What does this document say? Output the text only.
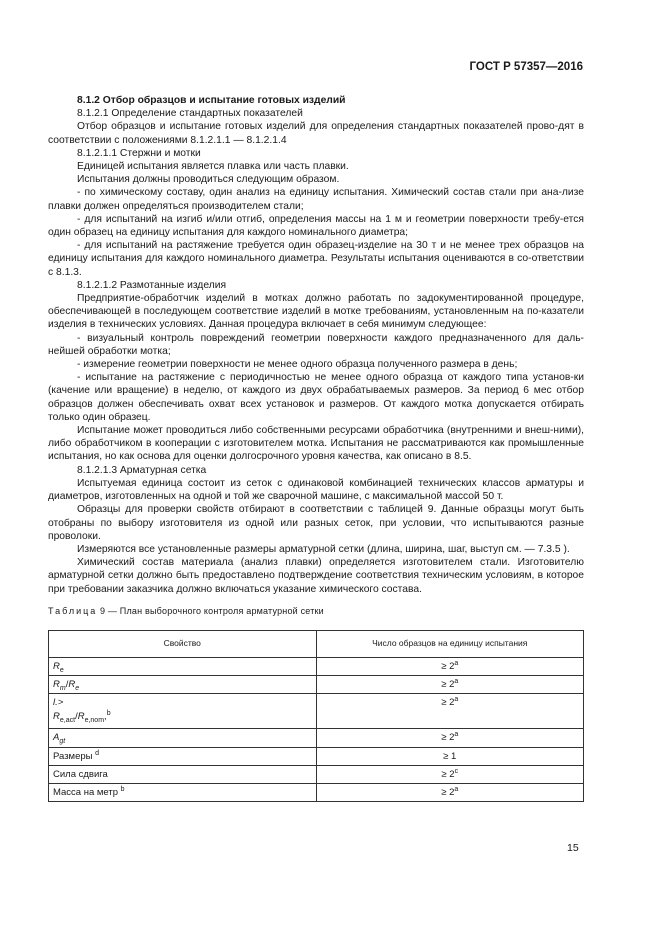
ГОСТ Р 57357—2016

8.1.2 Отбор образцов и испытание готовых изделий

8.1.2.1 Определение стандартных показателей

Отбор образцов и испытание готовых изделий для определения стандартных показателей прово-дят в соответствии с положениями 8.1.2.1.1 — 8.1.2.1.4

8.1.2.1.1 Стержни и мотки

Единицей испытания является плавка или часть плавки.

Испытания должны проводиться следующим образом.

- по химическому составу, один анализ на единицу испытания. Химический состав стали при ана-лизе плавки должен определяться производителем стали;

- для испытаний на изгиб и/или отгиб, определения массы на 1 м и геометрии поверхности требу-ется один образец на единицу испытания для каждого номинального диаметра;

- для испытаний на растяжение требуется один образец-изделие на 30 т и не менее трех образцов на единицу испытания для каждого номинального диаметра. Результаты испытания оцениваются в со-ответствии с 8.1.3.

8.1.2.1.2 Размотанные изделия

Предприятие-обработчик изделий в мотках должно работать по задокументированной процедуре, обеспечивающей в последующем соответствие изделий в мотке требованиям, установленным на по-казатели изделия в технических условиях. Данная процедура включает в себя минимум следующее:

- визуальный контроль повреждений геометрии поверхности каждого предназначенного для даль-нейшей обработки мотка;

- измерение геометрии поверхности не менее одного образца полученного размера в день;

- испытание на растяжение с периодичностью не менее одного образца от каждого типа установ-ки (качение или вращение) в неделю, от каждого из двух обрабатываемых размеров. За период 6 мес отбор образцов должен обеспечивать охват всех установок и размеров. От каждого мотка допускается отбирать только один образец.

Испытание может проводиться либо собственными ресурсами обработчика (внутренними и внеш-ними), либо обработчиком в кооперации с изготовителем мотка. Испытания не рассматриваются как промышленные испытания, но как основа для оценки долгосрочного уровня качества, как описано в 8.5.

8.1.2.1.3 Арматурная сетка

Испытуемая единица состоит из сеток с одинаковой комбинацией технических классов арматуры и диаметров, изготовленных на одной и той же сварочной машине, с максимальной массой 50 т.

Образцы для проверки свойств отбирают в соответствии с таблицей 9. Данные образцы могут быть отобраны по выбору изготовителя из одной или разных сеток, при условии, что испытываются разные проволоки.

Измеряются все установленные размеры арматурной сетки (длина, ширина, шаг, выступ см. — 7.3.5 ).

Химический состав материала (анализ плавки) определяется изготовителем стали. Изготовителю арматурной сетки должно быть предоставлено подтверждение соответствия техническим условиям, в которое при требовании заказчика должно включаться указание химического состава.

Таблица 9 — План выборочного контроля арматурной сетки
Свойство	Число образцов на единицу испытания
$R_e$	≥ $2^a$
$R_m/R_e$	≥ $2^a$
l.>
$R_{e,act}/R_{e,nom},^b$	≥ $2^a$
$A_{gt}$	≥ $2^a$
Размеры $^d$	≥ 1
Сила сдвига	≥ $2^c$
Масса на метр $^b$	≥ $2^a$
15
